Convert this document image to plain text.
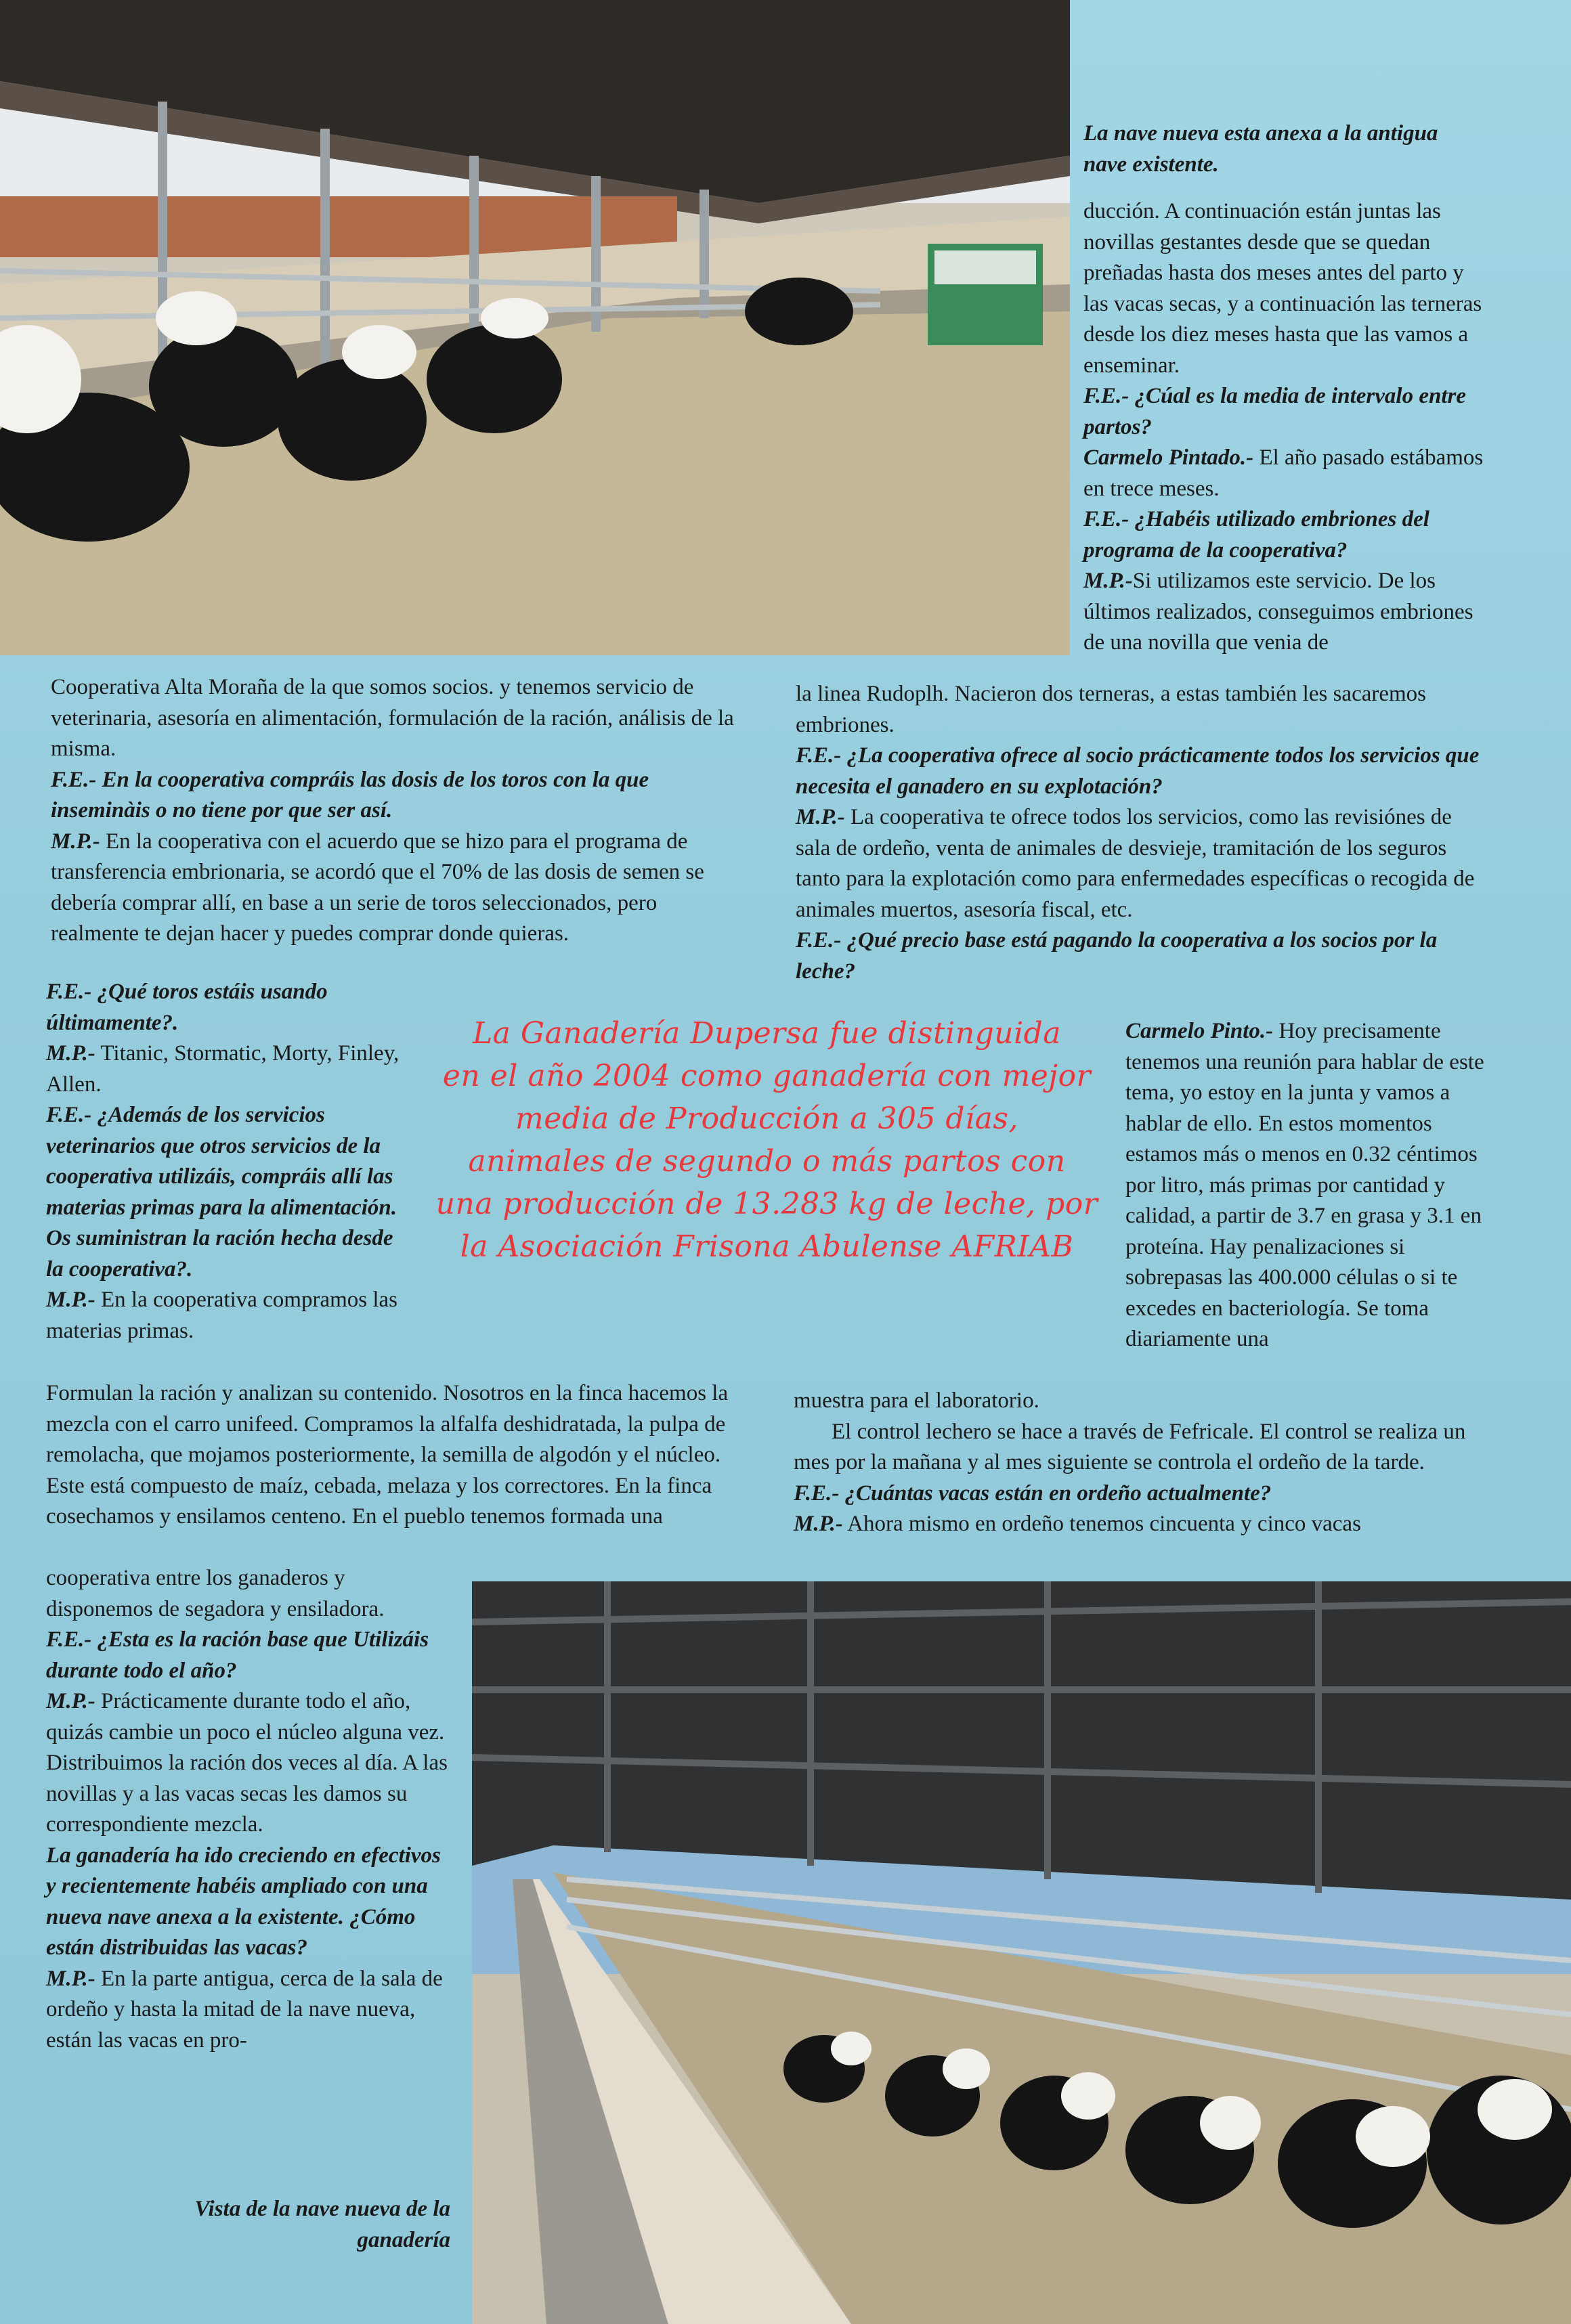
La nave nueva esta anexa a la antigua nave existente.

ducción. A continuación están juntas las novillas gestantes desde que se quedan preñadas hasta dos meses antes del parto y las vacas secas, y a continuación las terneras desde los diez meses hasta que las vamos a enseminar.

F.E.- ¿Cúal es la media de intervalo entre partos?

Carmelo Pintado.- El año pasado estábamos en trece meses.

F.E.- ¿Habéis utilizado embriones del programa de la cooperativa?

M.P.-Si utilizamos este servicio. De los últimos realizados, conseguimos embriones de una novilla que venia de

Cooperativa Alta Moraña de la que somos socios. y tenemos servicio de veterinaria, asesoría en alimentación, formulación de la ración, análisis de la misma.

F.E.- En la cooperativa compráis las dosis de los toros con la que inseminàis o no tiene por que ser así.

M.P.- En la cooperativa con el acuerdo que se hizo para el programa de transferencia embrionaria, se acordó que el 70% de las dosis de semen se debería comprar allí, en base a un serie de toros seleccionados, pero realmente te dejan hacer y puedes comprar donde quieras.

la linea Rudoplh. Nacieron dos terneras, a estas también les sacaremos embriones.

F.E.- ¿La cooperativa ofrece al socio prácticamente todos los servicios que necesita el ganadero en su explotación?

M.P.- La cooperativa te ofrece todos los servicios, como las revisiónes de sala de ordeño, venta de animales de desvieje, tramitación de los seguros tanto para la explotación como para enfermedades específicas o recogida de animales muertos, asesoría fiscal, etc.

F.E.- ¿Qué precio base está pagando la cooperativa a los socios por la leche?

F.E.- ¿Qué toros estáis usando últimamente?.

M.P.- Titanic, Stormatic, Morty, Finley, Allen.

F.E.- ¿Además de los servicios veterinarios que otros servicios de la cooperativa utilizáis, compráis allí las materias primas para la alimentación. Os suministran la ración hecha desde la cooperativa?.

M.P.- En la cooperativa compramos las materias primas.

La Ganadería Dupersa fue distinguida

en el año 2004 como ganadería con mejor

media de Producción a 305 días,

animales de segundo o más partos con

una producción de 13.283 kg de leche, por

la Asociación Frisona Abulense AFRIAB

Carmelo Pinto.- Hoy precisamente tenemos una reunión para hablar de este tema, yo estoy en la junta y vamos a hablar de ello. En estos momentos estamos más o menos en 0.32 céntimos por litro, más primas por cantidad y calidad, a partir de 3.7 en grasa y 3.1 en proteína. Hay penalizaciones si sobrepasas las 400.000 células o si te excedes en bacteriología. Se toma diariamente una

Formulan la ración y analizan su contenido. Nosotros en la finca hacemos la mezcla con el carro unifeed. Compramos la alfalfa deshidratada, la pulpa de remolacha, que mojamos posteriormente, la semilla de algodón y el núcleo. Este está compuesto de maíz, cebada, melaza y los correctores. En la finca cosechamos y ensilamos centeno. En el pueblo tenemos formada una

muestra para el laboratorio.

El control lechero se hace a través de Fefricale. El control se realiza un mes por la mañana y al mes siguiente se controla el ordeño de la tarde.

F.E.- ¿Cuántas vacas están en ordeño actualmente?

M.P.- Ahora mismo en ordeño tenemos cincuenta y cinco vacas

cooperativa entre los ganaderos y disponemos de segadora y ensiladora.

F.E.- ¿Esta es la ración base que Utilizáis durante todo el año?

M.P.- Prácticamente durante todo el año, quizás cambie un poco el núcleo alguna vez. Distribuimos la ración dos veces al día. A las novillas y a las vacas secas les damos su correspondiente mezcla.

La ganadería ha ido creciendo en efectivos y recientemente habéis ampliado con una nueva nave anexa a la existente. ¿Cómo están distribuidas las vacas?

M.P.- En la parte antigua, cerca de la sala de ordeño y hasta la mitad de la nave nueva, están las vacas en pro-

Vista de la nave nueva de la ganadería
